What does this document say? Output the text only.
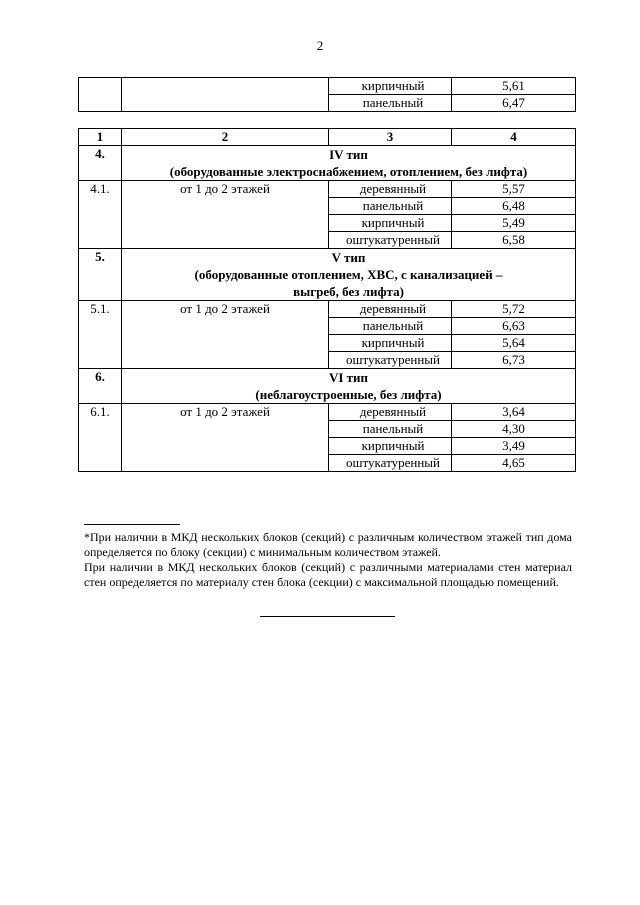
2
		кирпичный	5,61
		панельный	6,47
1	2	3	4
4.	IV тип
(оборудованные электроснабжением, отоплением, без лифта)		

4.1.	от 1 до 2 этажей	деревянный	5,57
		панельный	6,48
		кирпичный	5,49
		оштукатуренный	6,58
5.	V тип
(оборудованные отоплением, ХВС, с канализацией –
выгреб, без лифта)		

5.1.	от 1 до 2 этажей	деревянный	5,72
		панельный	6,63
		кирпичный	5,64
		оштукатуренный	6,73
6.	VI тип
(неблагоустроенные, без лифта)		

6.1.	от 1 до 2 этажей	деревянный	3,64
		панельный	4,30
		кирпичный	3,49
		оштукатуренный	4,65
*При наличии в МКД нескольких блоков (секций) с различным количеством этажей тип дома определяется по блоку (секции) с минимальным количеством этажей.
При наличии в МКД нескольких блоков (секций) с различными материалами стен материал стен определяется по материалу стен блока (секции) с максимальной площадью помещений.
